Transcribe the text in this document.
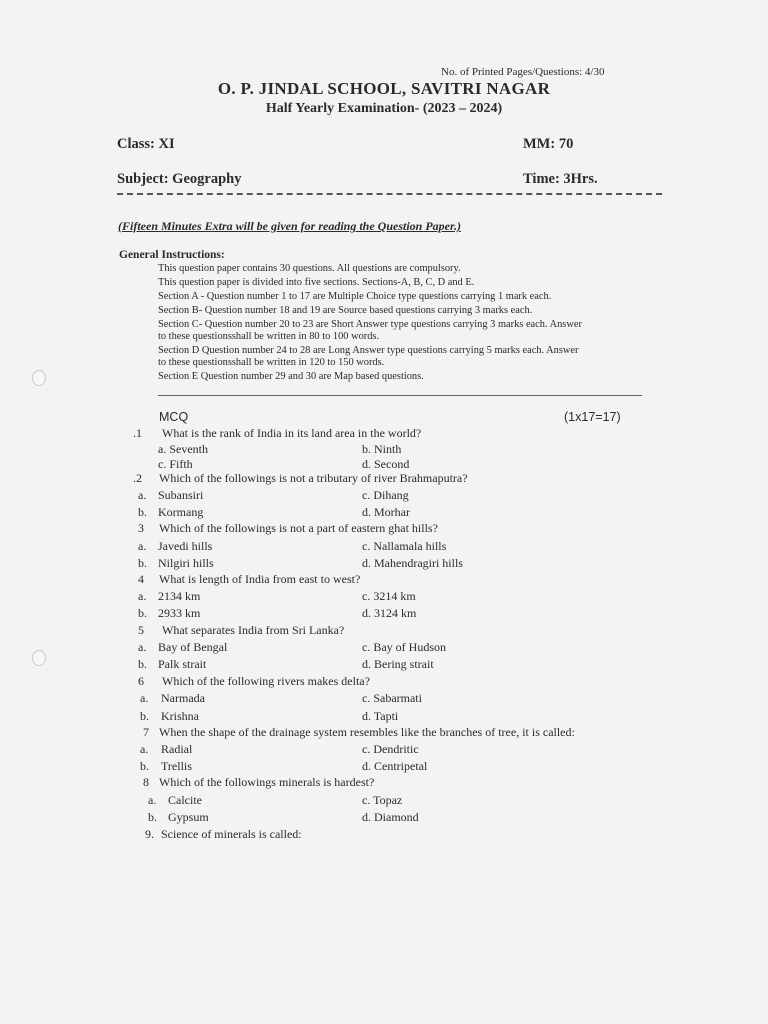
No. of Printed Pages/Questions: 4/30
O. P. JINDAL SCHOOL, SAVITRI NAGAR
Half Yearly Examination- (2023 – 2024)
Class: XI	MM: 70
Subject: Geography	Time: 3Hrs.
(Fifteen Minutes Extra will be given for reading the Question Paper.)
General Instructions:
This question paper contains 30 questions. All questions are compulsory.
This question paper is divided into five sections. Sections-A, B, C, D and E.
Section A - Question number 1 to 17 are Multiple Choice type questions carrying 1 mark each.
Section B- Question number 18 and 19 are Source based questions carrying 3 marks each.
Section C- Question number 20 to 23 are Short Answer type questions carrying 3 marks each. Answer
to these questionsshall be written in 80 to 100 words.
Section D Question number 24 to 28 are Long Answer type questions carrying 5 marks each. Answer
to these questionsshall be written in 120 to 150 words.
Section E Question number 29 and 30 are Map based questions.
MCQ	(1x17=17)
.1 What is the rank of India in its land area in the world?
a. Seventh	b. Ninth
c. Fifth	d. Second
.2 Which of the followings is not a tributary of river Brahmaputra?
a. Subansiri	c. Dihang
b. Kormang	d. Morhar
3 Which of the followings is not a part of eastern ghat hills?
a. Javedi hills	c. Nallamala hills
b. Nilgiri hills	d. Mahendragiri hills
4 What is length of India from east to west?
a. 2134 km	c. 3214 km
b. 2933 km	d. 3124 km
5 What separates India from Sri Lanka?
a. Bay of Bengal	c. Bay of Hudson
b. Palk strait	d. Bering strait
6 Which of the following rivers makes delta?
a. Narmada	c. Sabarmati
b. Krishna	d. Tapti
7 When the shape of the drainage system resembles like the branches of tree, it is called:
a. Radial	c. Dendritic
b. Trellis	d. Centripetal
8 Which of the followings minerals is hardest?
a. Calcite	c. Topaz
b. Gypsum	d. Diamond
9. Science of minerals is called:
